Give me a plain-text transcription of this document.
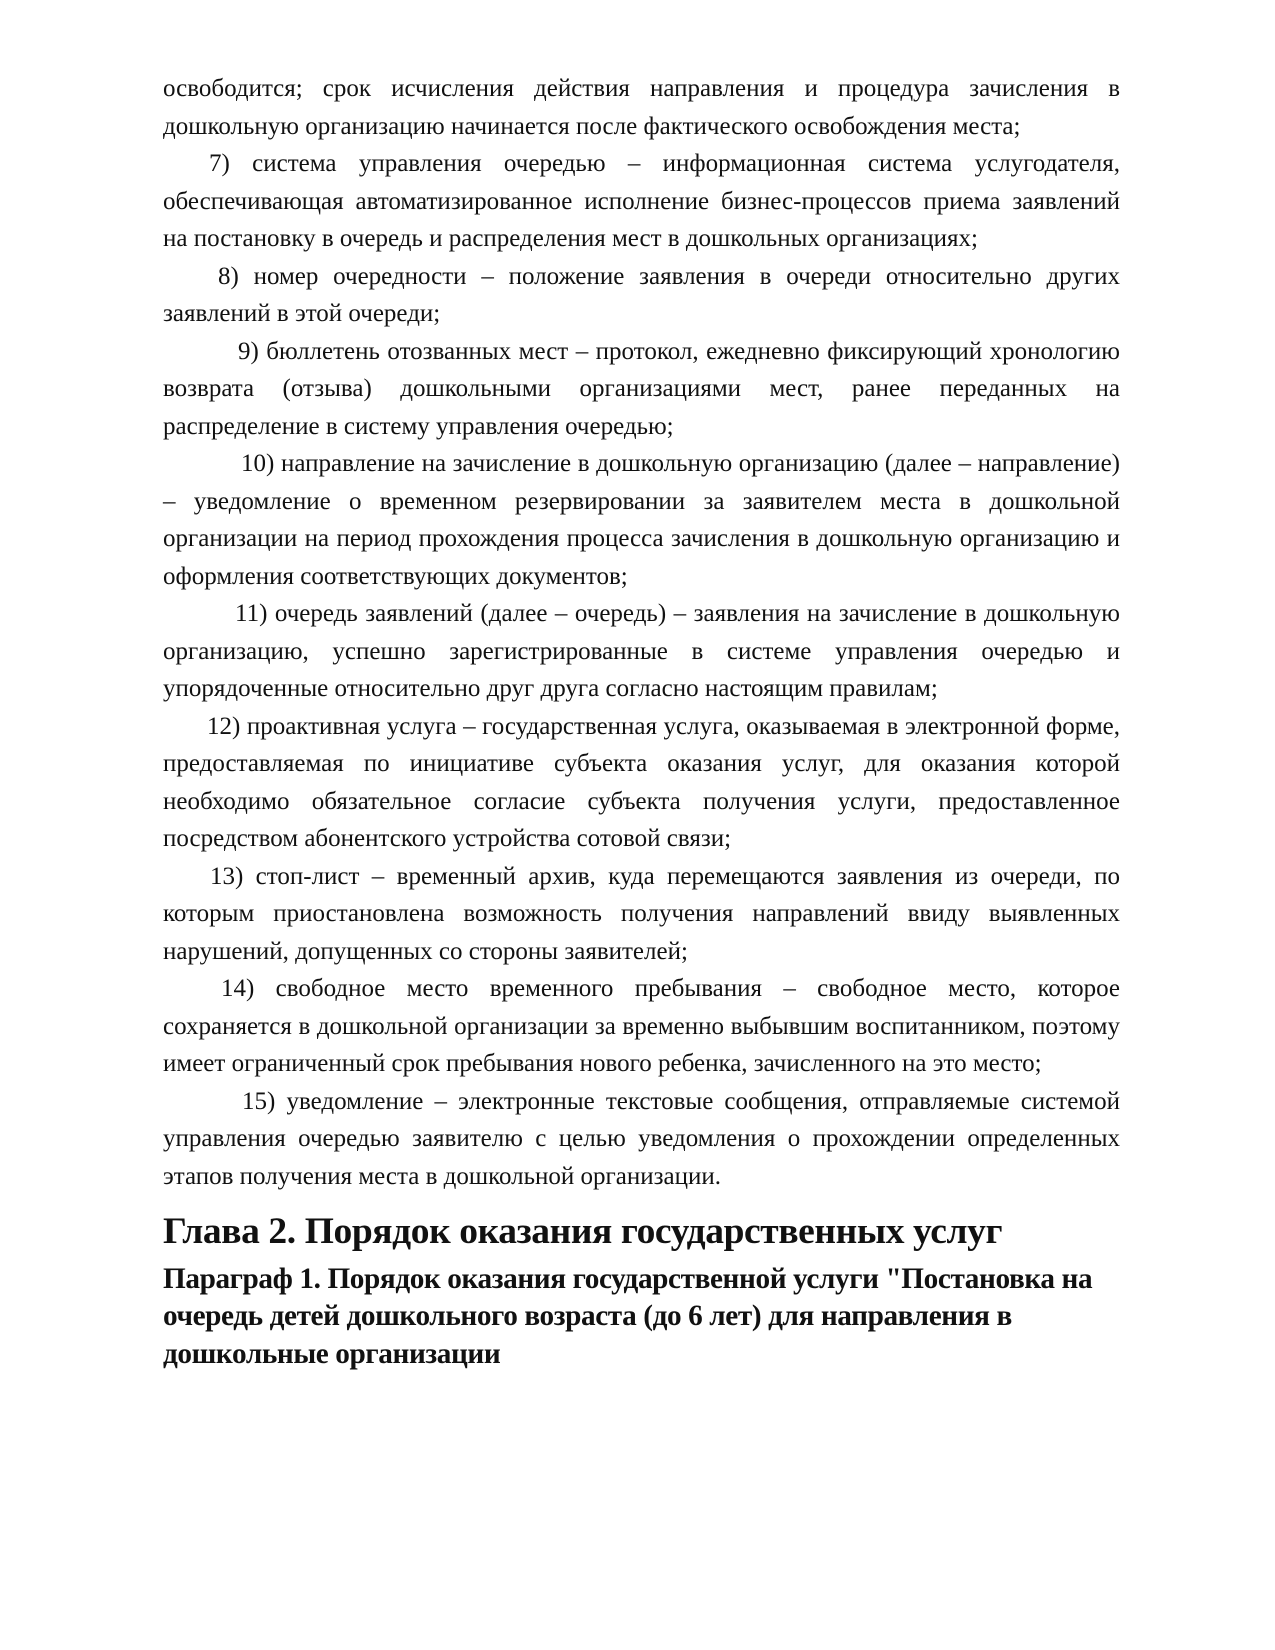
освободится; срок исчисления действия направления и процедура зачисления в дошкольную организацию начинается после фактического освобождения места;

7) система управления очередью – информационная система услугодателя, обеспечивающая автоматизированное исполнение бизнес-процессов приема заявлений на постановку в очередь и распределения мест в дошкольных организациях;

8) номер очередности – положение заявления в очереди относительно других заявлений в этой очереди;

9) бюллетень отозванных мест – протокол, ежедневно фиксирующий хронологию возврата (отзыва) дошкольными организациями мест, ранее переданных на распределение в систему управления очередью;

10) направление на зачисление в дошкольную организацию (далее – направление) – уведомление о временном резервировании за заявителем места в дошкольной организации на период прохождения процесса зачисления в дошкольную организацию и оформления соответствующих документов;

11) очередь заявлений (далее – очередь) – заявления на зачисление в дошкольную организацию, успешно зарегистрированные в системе управления очередью и упорядоченные относительно друг друга согласно настоящим правилам;

12) проактивная услуга – государственная услуга, оказываемая в электронной форме, предоставляемая по инициативе субъекта оказания услуг, для оказания которой необходимо обязательное согласие субъекта получения услуги, предоставленное посредством абонентского устройства сотовой связи;

13) стоп-лист – временный архив, куда перемещаются заявления из очереди, по которым приостановлена возможность получения направлений ввиду выявленных нарушений, допущенных со стороны заявителей;

14) свободное место временного пребывания – свободное место, которое сохраняется в дошкольной организации за временно выбывшим воспитанником, поэтому имеет ограниченный срок пребывания нового ребенка, зачисленного на это место;

15) уведомление – электронные текстовые сообщения, отправляемые системой управления очередью заявителю с целью уведомления о прохождении определенных этапов получения места в дошкольной организации.

Глава 2. Порядок оказания государственных услуг
Параграф 1. Порядок оказания государственной услуги "Постановка на очередь детей дошкольного возраста (до 6 лет) для направления в дошкольные организации
